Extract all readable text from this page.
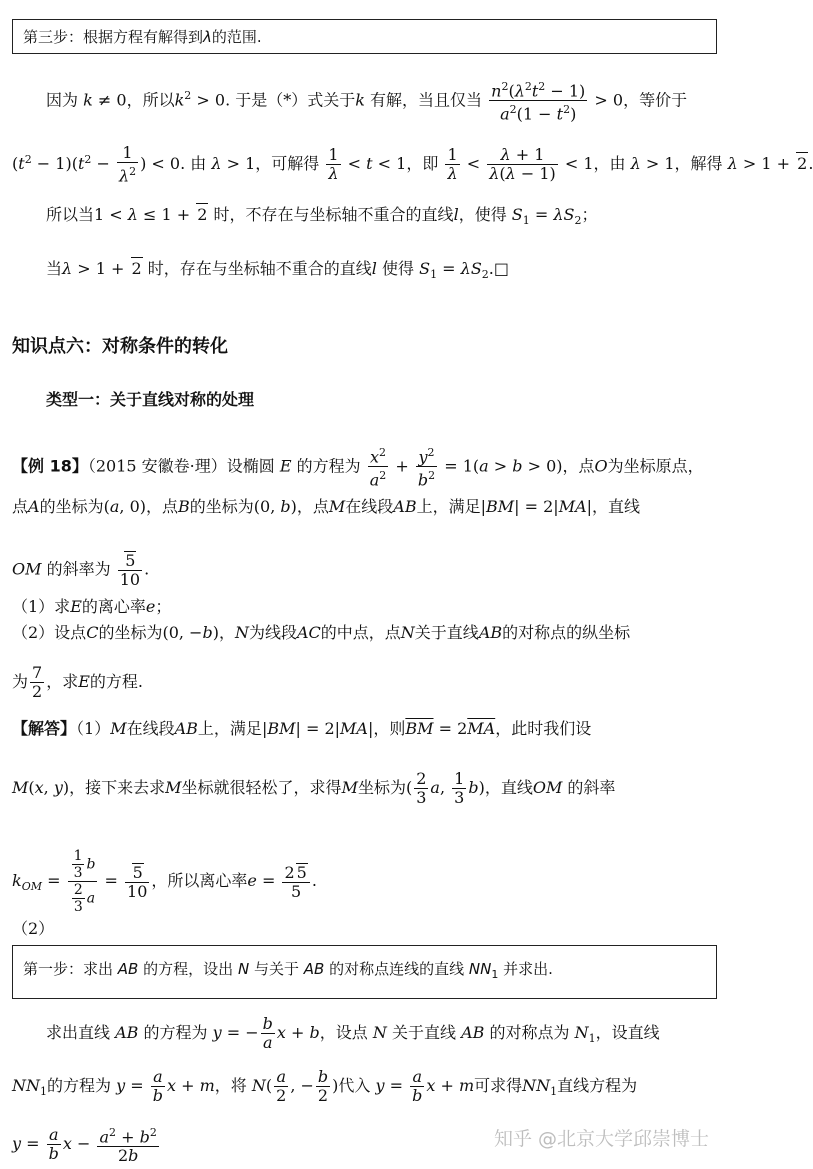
第三步：根据方程有解得到λ的范围.
因为 k ≠ 0，所以$k^2 > 0$. 于是（*）式关于k 有解，当且仅当 $\frac{n^2(\lambda^2t^2 - 1)}{a^2(1 - t^2)} > 0$，等价于
$(t^2 - 1)(t^2 - \frac{1}{\lambda^2}$ ) < 0. 由 λ > 1，可解得 $\frac{1}{\lambda} < t < 1$，即 $\frac{1}{\lambda} < \frac{\lambda + 1}{\lambda(\lambda - 1)} < 1$，由 λ > 1，解得 λ > 1 + 2.
所以当1 < λ ≤ 1 + 2 时，不存在与坐标轴不重合的直线l，使得 $S_1 = \lambda S_2$；
当λ > 1 + 2 时，存在与坐标轴不重合的直线l 使得 $S_1$ = $\lambda S_2.□$
知识点六：对称条件的转化
类型一：关于直线对称的处理
【例 18】（2015 安徽卷·理）设椭圆 E 的方程为 $\frac{x^2}{a^2} + \frac{y^2}{b^2} = 1(a > b > 0)$，点O为坐标原点，
点A的坐标为(a, 0)，点B的坐标为(0, b)，点M在线段AB上，满足|BM| = 2|MA|，直线
OM 的斜率为 $\frac{5}{10}$ .
（1）求E的离心率e；
（2）设点C的坐标为(0, −b)，N为线段AC的中点，点N关于直线AB的对称点的纵坐标
为 $\frac{7}{2}$ ，求E的方程.
【解答】（1）M在线段AB上，满足|BM| = 2|MA|，则$\overline{BM} = 2\overline{MA}$，此时我们设
M(x, y)，接下来去求M坐标就很轻松了，求得M坐标为( $\frac{2}{3} a$, $\frac{1}{3} b$)，直线OM 的斜率
$k_{OM} = \frac{\frac{1}{3} b}{\frac{2}{3} a} = \frac{5}{10}$ ，所以离心率$e = \frac{2 5}{5}$ .
（2）
第一步：求出 AB 的方程，设出 N 与关于 AB 的对称点连线的直线 $NN_1$ 并求出.
求出直线 AB 的方程为 y = − $\frac{b}{a}$ x + b，设点 N 关于直线 AB 的对称点为 $N_1$，设直线
$NN_1$的方程为 $y = \frac{a}{b}$ x + m，将 $N( \frac{a}{2}$ , − $\frac{b}{2}$ )代入 $y = \frac{a}{b}$ x + m可求得$NN_1$直线方程为
$y = \frac{a}{b}$ $x - \frac{a^2 + b^2}{2b}$	知乎 @北京大学邱崇博士
